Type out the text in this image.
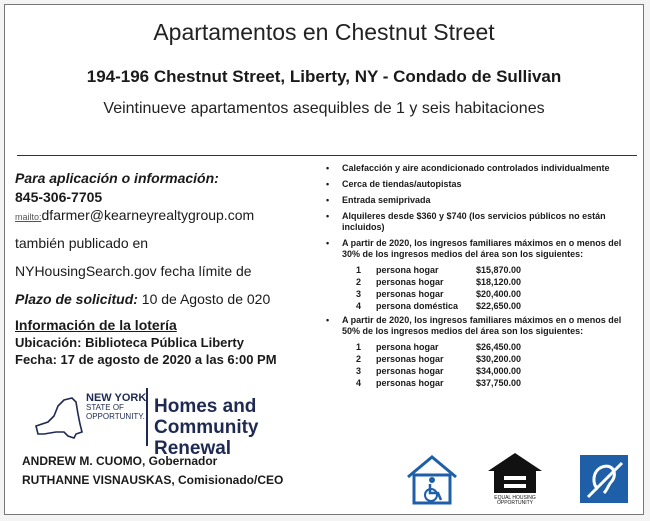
Apartamentos en Chestnut Street
194-196 Chestnut Street, Liberty, NY - Condado de Sullivan
Veintinueve apartamentos asequibles de 1 y seis habitaciones
Para aplicación o información:
845-306-7705
mailto:dfarmer@kearneyrealtygroup.com
también publicado en
NYHousingSearch.gov fecha límite de
Plazo de solicitud: 10 de Agosto de 020
Información de la lotería
Ubicación: Biblioteca Pública Liberty
Fecha: 17 de agosto de 2020 a las 6:00 PM
NEW YORK
STATE OF
OPPORTUNITY. Homes and
Community Renewal
ANDREW M. CUOMO, Gobernador
RUTHANNE VISNAUSKAS, Comisionado/CEO
• Calefacción y aire acondicionado controlados individualmente
• Cerca de tiendas/autopistas
• Entrada semiprivada
• Alquileres desde $360 y $740 (los servicios públicos no están incluidos)
• A partir de 2020, los ingresos familiares máximos en o menos del 30% de los ingresos medios del área son los siguientes:
1	persona hogar	$15,870.00
2	personas hogar	$18,120.00
3	personas hogar	$20,400.00
4	persona doméstica	$22,650.00
• A partir de 2020, los ingresos familiares máximos en o menos del 50% de los ingresos medios del área son los siguientes:
1	persona hogar	$26,450.00
2	personas hogar	$30,200.00
3	personas hogar	$34,000.00
4	personas hogar	$37,750.00
EQUAL HOUSING
OPPORTUNITY
